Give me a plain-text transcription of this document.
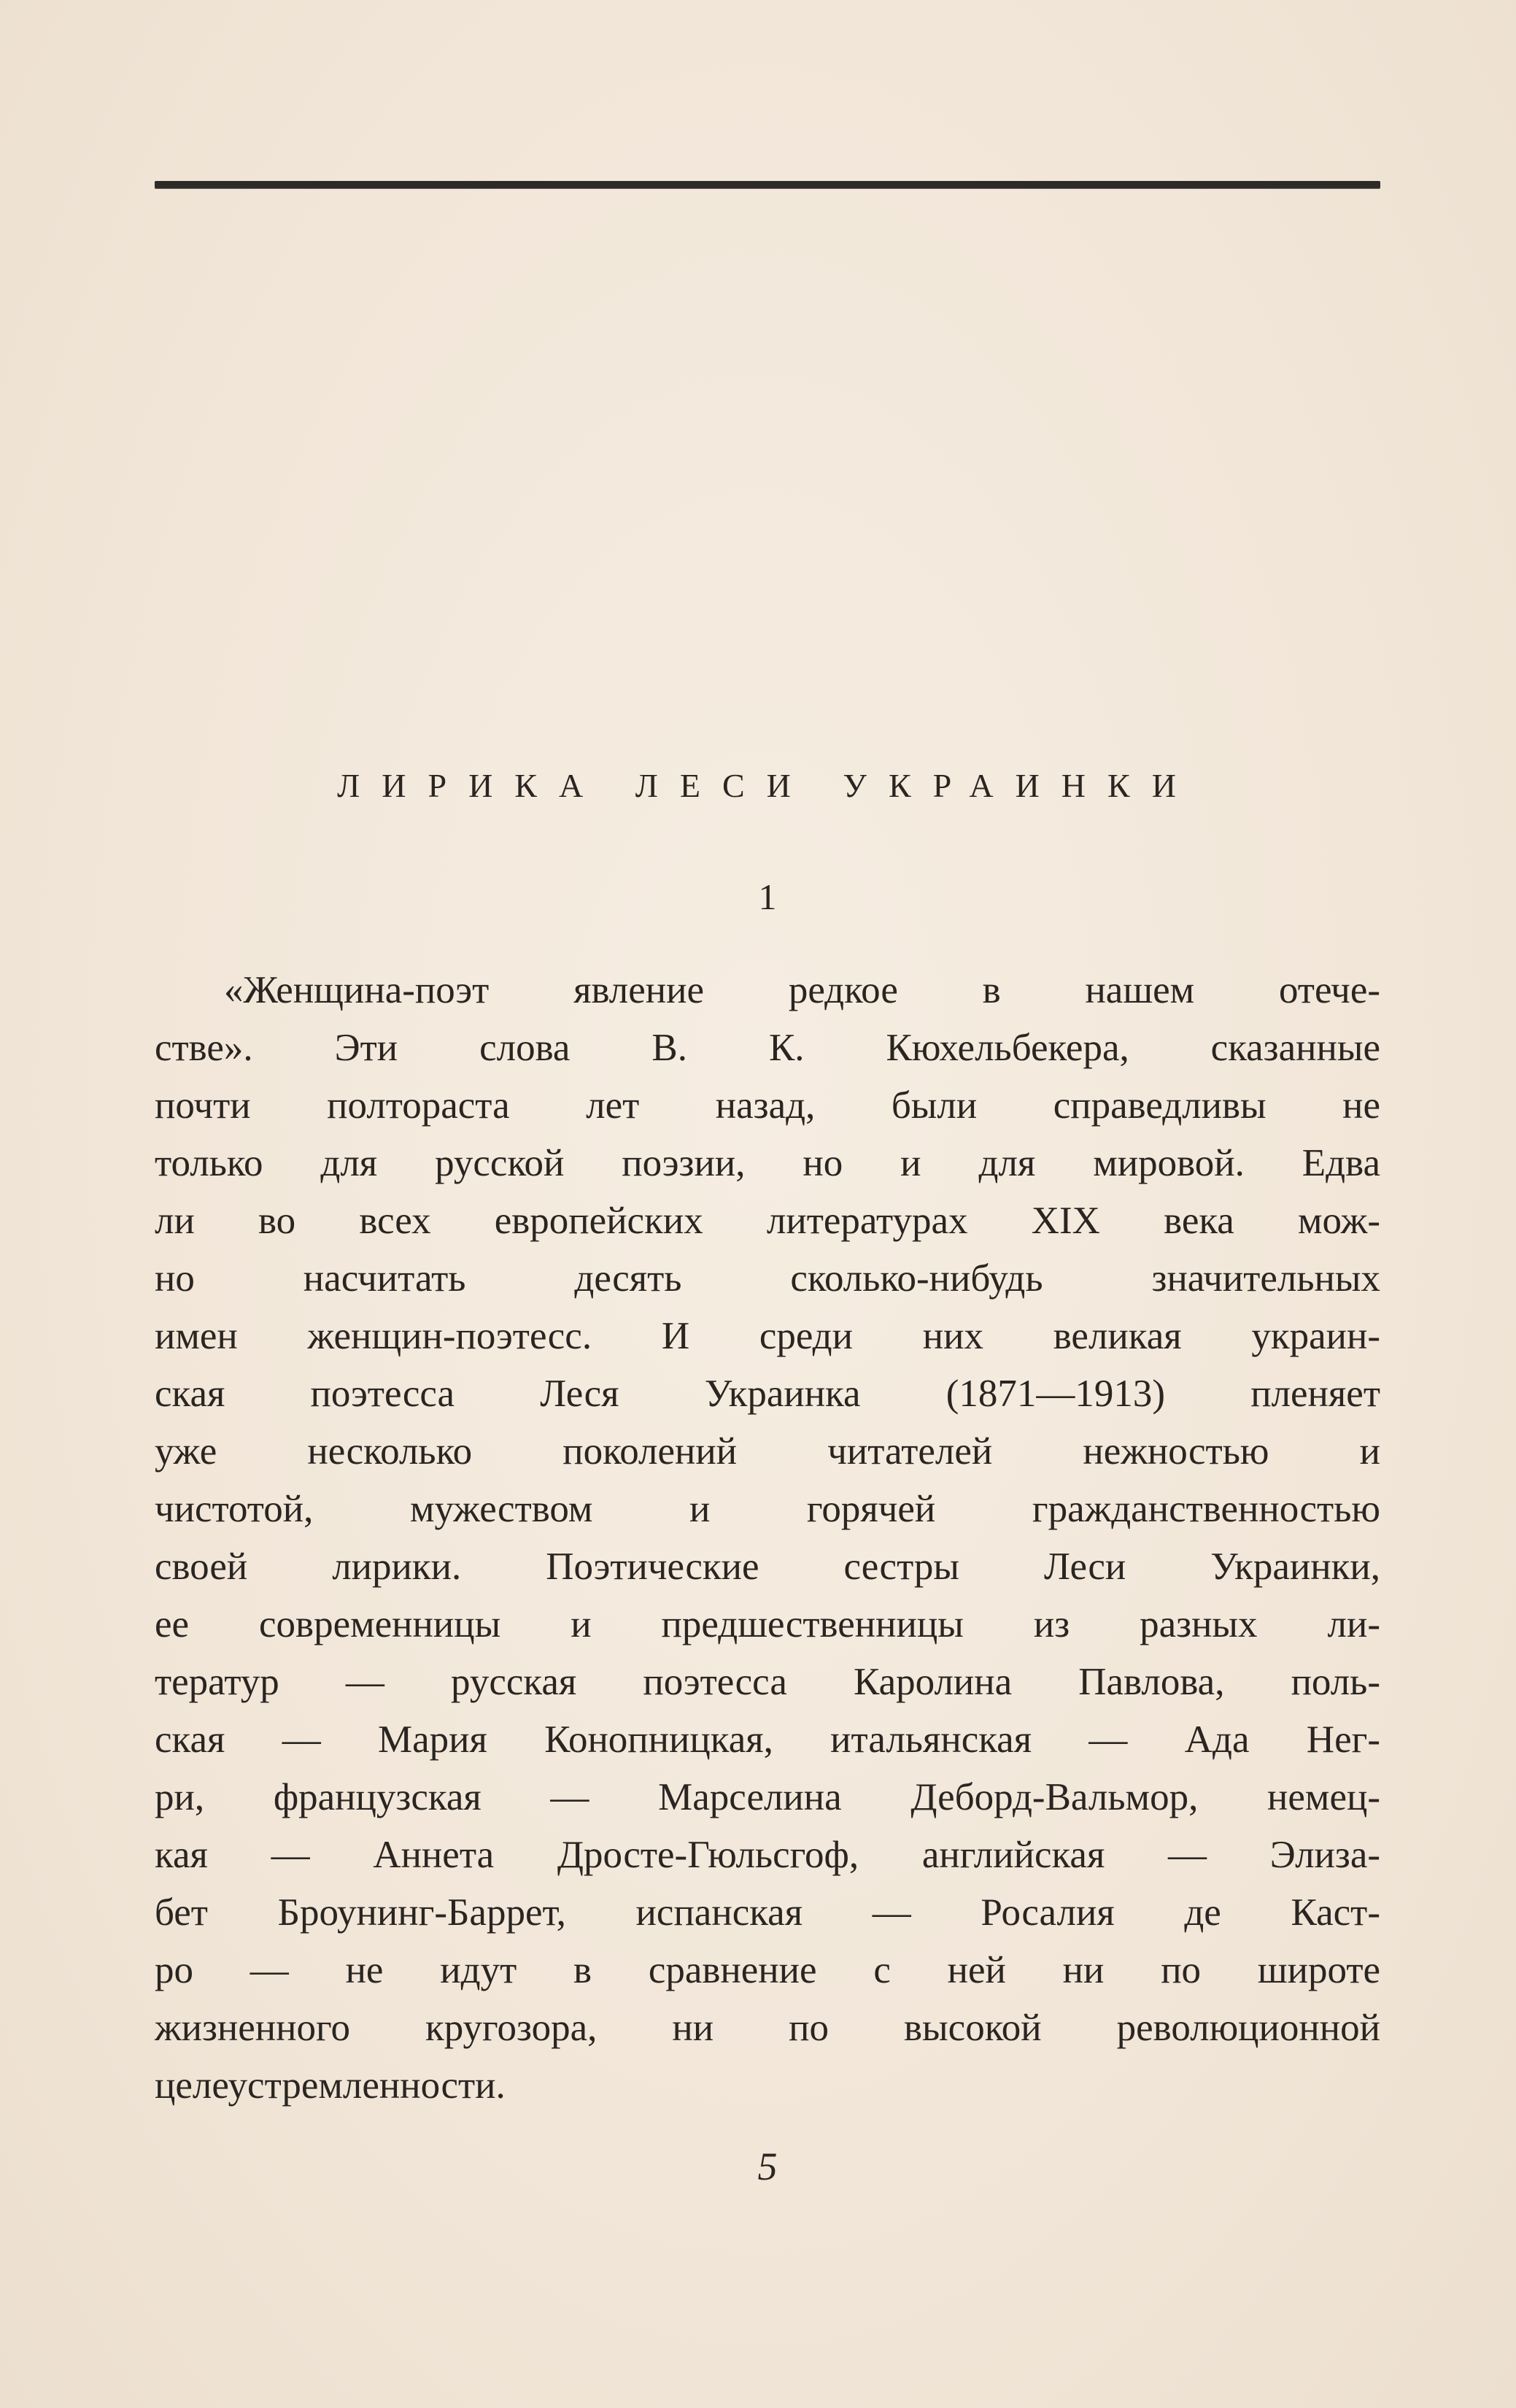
ЛИРИКА ЛЕСИ УКРАИНКИ
1

«Женщина-поэт явление редкое в нашем отече-
стве». Эти слова В. К. Кюхельбекера, сказанные
почти полтораста лет назад, были справедливы не
только для русской поэзии, но и для мировой. Едва
ли во всех европейских литературах XIX века мож-
но насчитать десять сколько-нибудь значительных
имен женщин-поэтесс. И среди них великая украин-
ская поэтесса Леся Украинка (1871—1913) пленяет
уже несколько поколений читателей нежностью и
чистотой, мужеством и горячей гражданственностью
своей лирики. Поэтические сестры Леси Украинки,
ее современницы и предшественницы из разных ли-
тератур — русская поэтесса Каролина Павлова, поль-
ская — Мария Конопницкая, итальянская — Ада Нег-
ри, французская — Марселина Деборд-Вальмор, немец-
кая — Аннета Дросте-Гюльсгоф, английская — Элиза-
бет Броунинг-Баррет, испанская — Росалия де Каст-
ро — не идут в сравнение с ней ни по широте
жизненного кругозора, ни по высокой революционной
целеустремленности.

5
